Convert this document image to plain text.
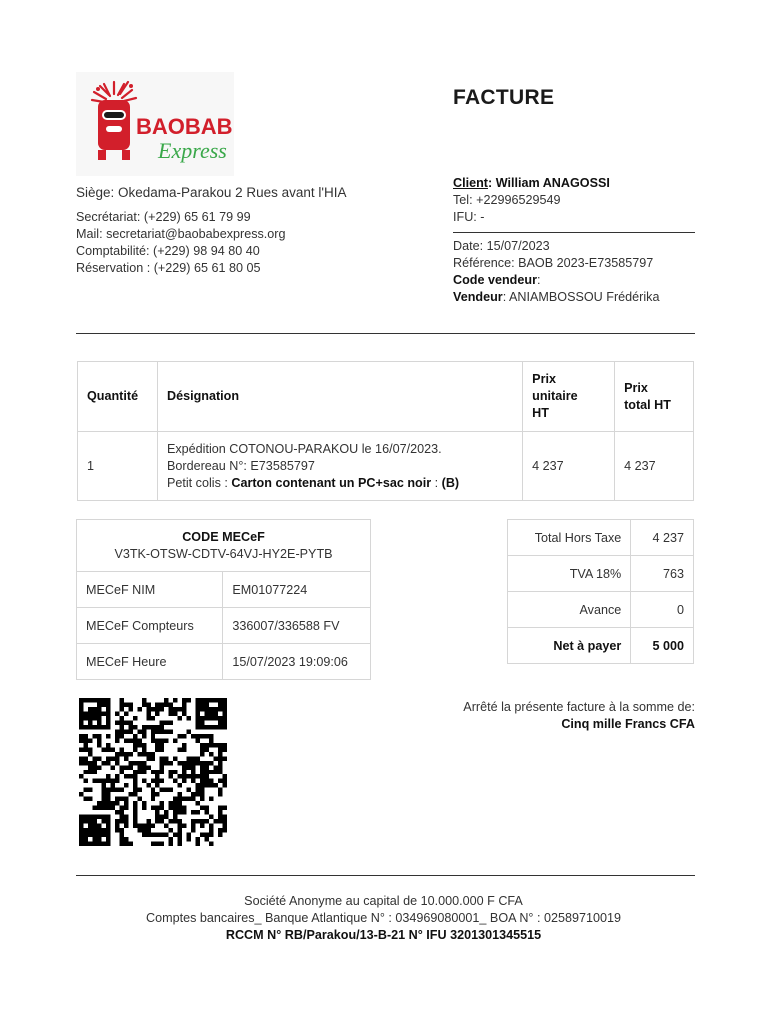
BAOBAB
Express
FACTURE
Siège: Okedama-Parakou 2 Rues avant l'HIA
Secrétariat: (+229) 65 61 79 99
Mail: secretariat@baobabexpress.org
Comptabilité: (+229) 98 94 80 40
Réservation : (+229) 65 61 80 05
Client: William ANAGOSSI
Tel: +22996529549
IFU: -
Date: 15/07/2023
Référence: BAOB 2023-E73585797
Code vendeur:
Vendeur: ANIAMBOSSOU Frédérika
Quantité	Désignation	Prix
unitaire
HT	Prix
total HT
1	Expédition COTONOU-PARAKOU le 16/07/2023.
Bordereau N°: E73585797
Petit colis : Carton contenant un PC+sac noir : (B)	4 237	4 237
CODE MECeF
V3TK-OTSW-CDTV-64VJ-HY2E-PYTB	
MECeF NIM	EM01077224
MECeF Compteurs	336007/336588 FV
MECeF Heure	15/07/2023 19:09:06
Total Hors Taxe	4 237
TVA 18%	763
Avance	0
Net à payer	5 000
Arrêté la présente facture à la somme de:
Cinq mille Francs CFA
Société Anonyme au capital de 10.000.000 F CFA
Comptes bancaires_ Banque Atlantique N° : 034969080001_ BOA N° : 02589710019
RCCM N° RB/Parakou/13-B-21 N° IFU 3201301345515
